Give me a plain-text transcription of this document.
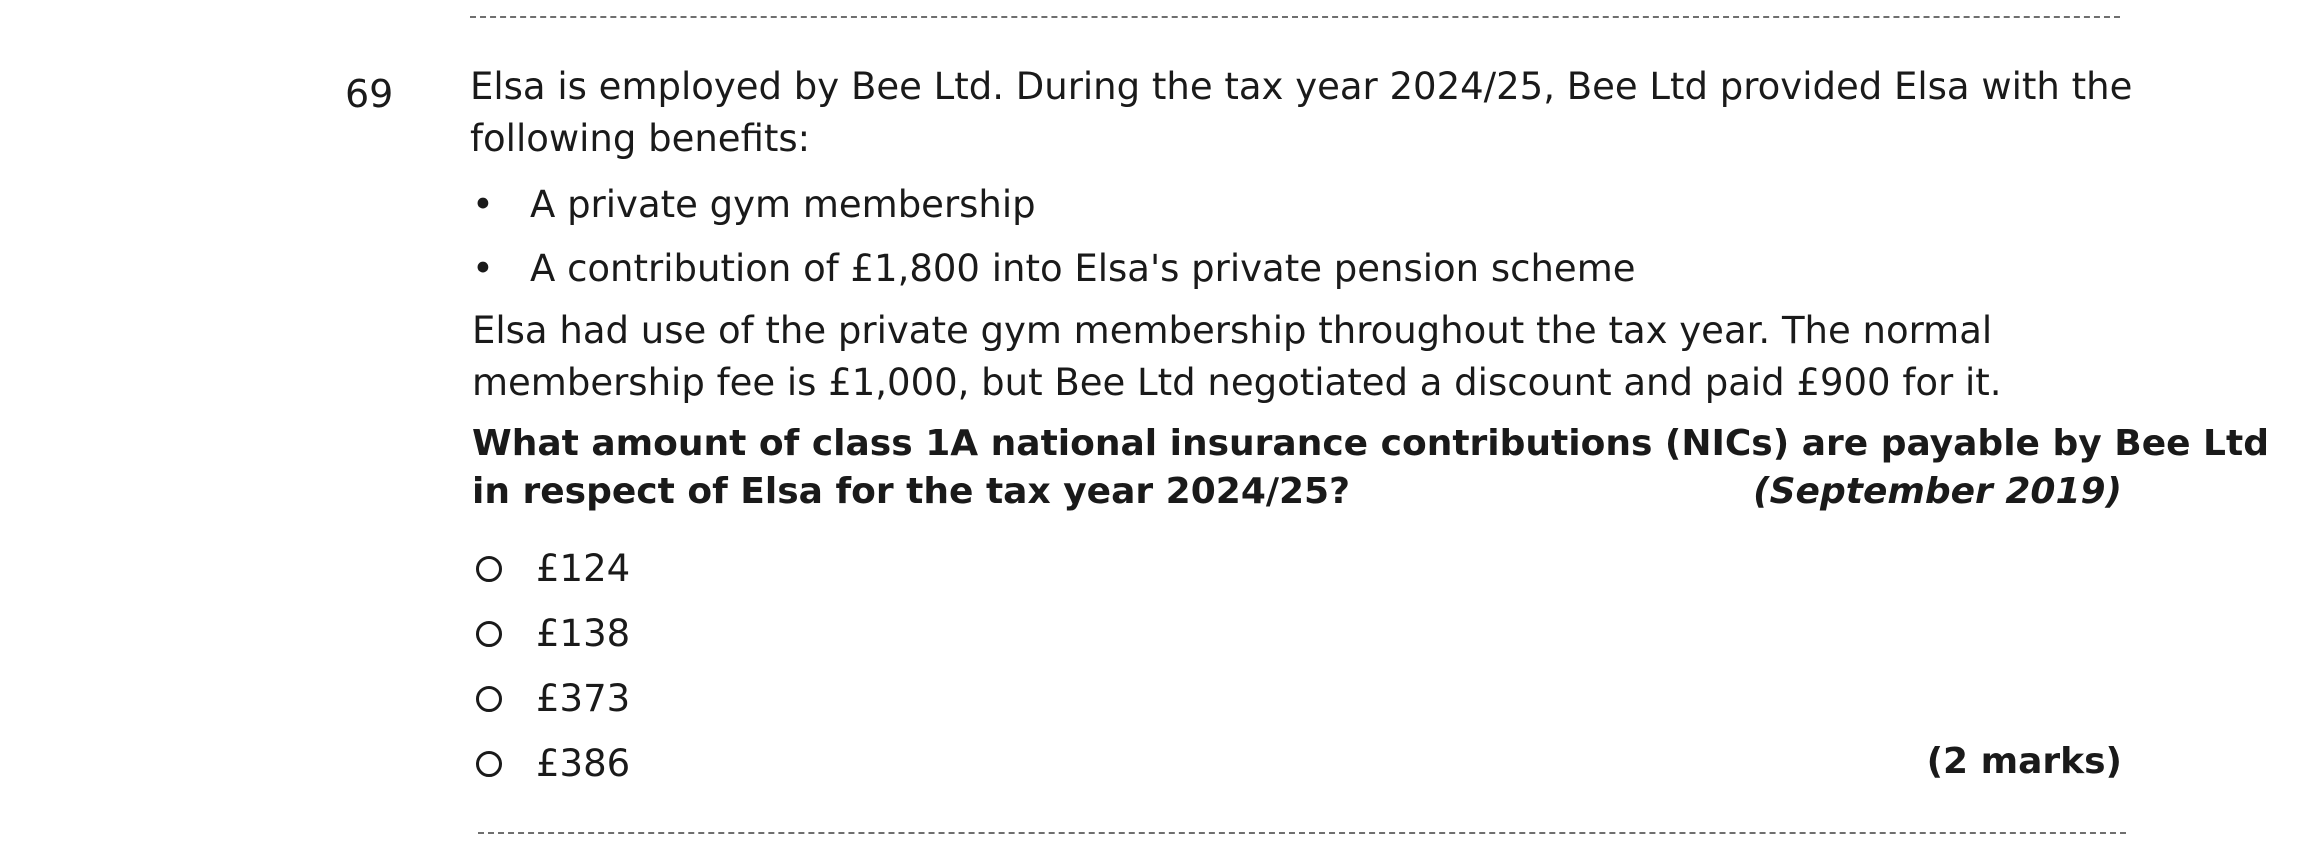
69 Elsa is employed by Bee Ltd. During the tax year 2024/25, Bee Ltd provided Elsa with the
following benefits:
• A private gym membership
• A contribution of £1,800 into Elsa's private pension scheme
Elsa had use of the private gym membership throughout the tax year. The normal
membership fee is £1,000, but Bee Ltd negotiated a discount and paid £900 for it.
What amount of class 1A national insurance contributions (NICs) are payable by Bee Ltd
in respect of Elsa for the tax year 2024/25?	(September 2019)
£124
£138
£373
£386	(2 marks)
